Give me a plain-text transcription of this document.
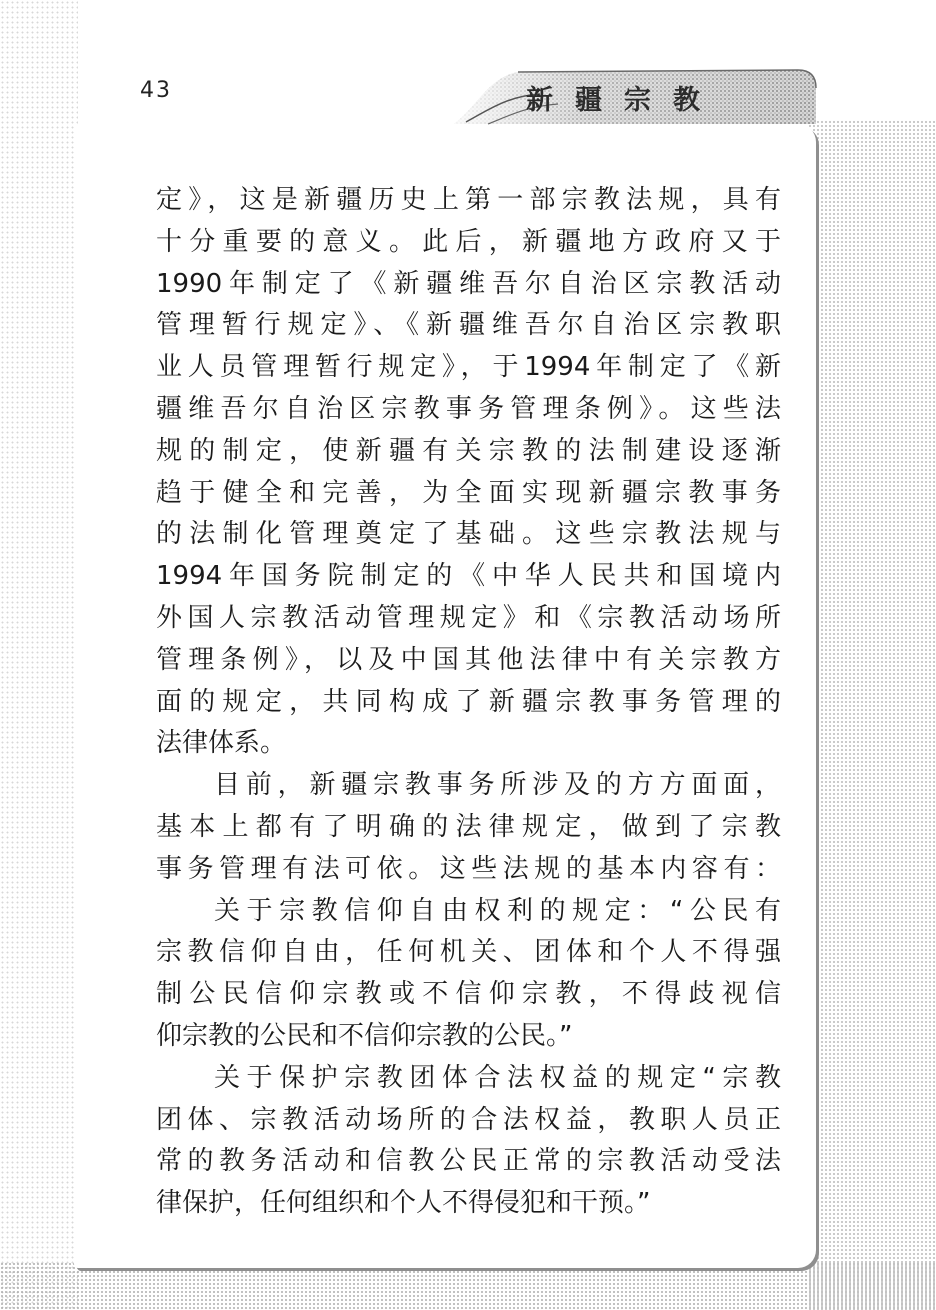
43	新疆宗教
定》，这是新疆历史上第一部宗教法规，具有
十分重要的意义。此后，新疆地方政府又于
1990年制定了《新疆维吾尔自治区宗教活动
管理暂行规定》、《新疆维吾尔自治区宗教职
业人员管理暂行规定》，于1994年制定了《新
疆维吾尔自治区宗教事务管理条例》。这些法
规的制定，使新疆有关宗教的法制建设逐渐
趋于健全和完善，为全面实现新疆宗教事务
的法制化管理奠定了基础。这些宗教法规与
1994年国务院制定的《中华人民共和国境内
外国人宗教活动管理规定》和《宗教活动场所
管理条例》，以及中国其他法律中有关宗教方
面的规定，共同构成了新疆宗教事务管理的
法律体系。
目前，新疆宗教事务所涉及的方方面面，
基本上都有了明确的法律规定，做到了宗教
事务管理有法可依。这些法规的基本内容有：
关于宗教信仰自由权利的规定：“公民有
宗教信仰自由，任何机关、团体和个人不得强
制公民信仰宗教或不信仰宗教，不得歧视信
仰宗教的公民和不信仰宗教的公民。”
关于保护宗教团体合法权益的规定“宗教
团体、宗教活动场所的合法权益，教职人员正
常的教务活动和信教公民正常的宗教活动受法
律保护，任何组织和个人不得侵犯和干预。”
